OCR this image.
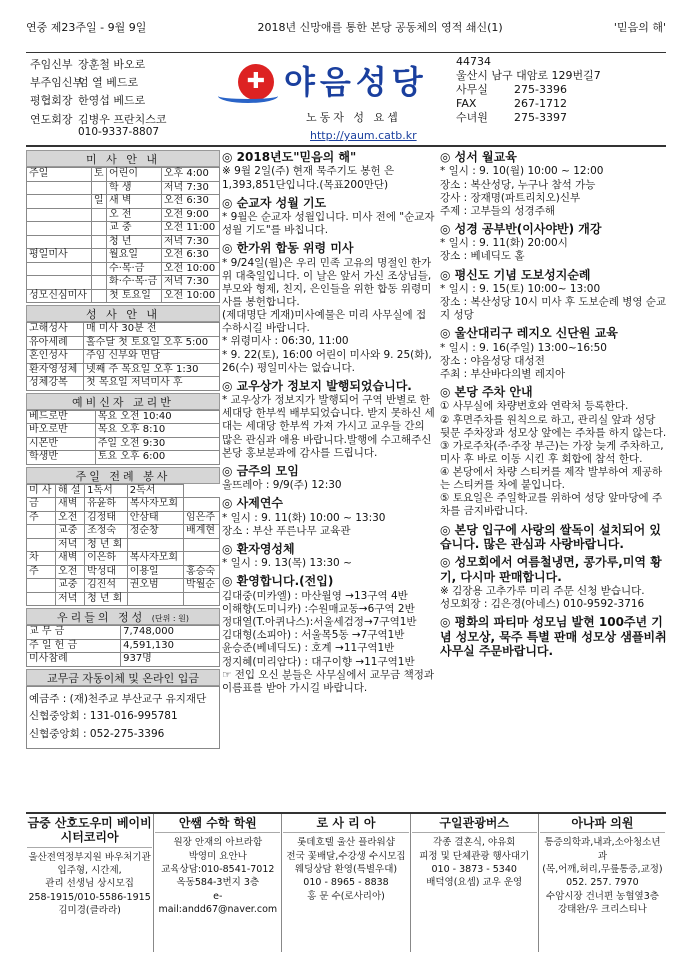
연중 제23주일 - 9월 9일	2018년 신망애를 통한 본당 공동체의 영적 쇄신(1)	'믿음의 해'
주임신부 장훈철 바오로
부주임신부
엄 열 베드로
평협회장 한영섭 베드로
연도회장 김병우 프란치스코
010-9337-8807
✚ 야음성당
노동자 성 요셉
http://yaum.catb.kr
44734
울산시 남구 대암로 129번길7
사무실	275-3396
FAX	267-1712
수녀원	275-3397
미 사 안 내
주일	토	어린이	오후 4:00
		학 생	저녁 7:30
	일	새 벽	오전 6:30
		오 전	오전 9:00
		교 중	오전 11:00
		청 년	저녁 7:30
평일미사		월요일	오전 6:30
		수·목·금	오전 10:00
		화·수·목·금	저녁 7:30
성모신심미사		첫 토요일	오전 10:00
성 사 안 내
고해성사	매 미사 30분 전
유아세례	홀수달 첫 토요일 오후 5:00
혼인성사	주임 신부와 면담
환자영성체	넷째 주 목요일 오후 1:30
성체강복	첫 목요일 저녁미사 후
예비신자 교리반
베드로반	목요 오전 10:40
바오로반	목요 오후 8:10
시몬반	주일 오전 9:30
학생반	토요 오후 6:00
주일 전례 봉사
미 사	해 설	1독서	2독서	
금	새벽	유윤하	복사자모회	
주	오전	김정태	안삼태	임은주
	교중	조정숙	정순창	배계현
	저녁	청 년 회		
차	새벽	이은하	복사자모회	
주	오전	박성대	이용일	홍승숙
	교중	김진석	권오범	박월순
	저녁	청 년 회		
우리들의 정성 (단위 : 원)
교 무 금	7,748,000
주 일 헌 금	4,591,130
미사참례	937명
교무금 자동이체 및 온라인 입금
예금주 : (재)천주교 부산교구 유지재단
신협중앙회 : 131-016-995781
신협중앙회 : 052-275-3396
◎ 2018년도"믿음의 해"

※ 9월 2일(주) 현재 묵주기도 봉헌 은1,393,851단입니다.(목표200만단)

◎ 순교자 성월 기도

* 9월은 순교자 성월입니다. 미사 전에 "순교자 성월 기도"를 바칩니다.

◎ 한가위 합동 위령 미사

* 9/24일(월)은 우리 민족 고유의 명절인 한가위 대축일입니다. 이 날은 앞서 가신 조상님들, 부모와 형제, 친지, 은인들을 위한 합동 위령미사를 봉헌합니다.

(제대명단 게재)미사예물은 미리 사무실에 접수하시길 바랍니다.

* 위령미사 : 06:30, 11:00

* 9. 22(토), 16:00 어린이 미사와 9. 25(화), 26(수) 평일미사는 없습니다.

◎ 교우상가 정보지 발행되었습니다.

* 교우상가 정보지가 발행되어 구역 반별로 한 세대당 한부씩 배부되었습니다. 받지 못하신 세대는 세대당 한부씩 가져 가시고 교우들 간의 많은 관심과 애용 바랍니다.발행에 수고해주신 본당 홍보분과에 감사를 드립니다.

◎ 금주의 모임

울뜨레아 : 9/9(주) 12:30

◎ 사제연수

* 일시 : 9. 11(화) 10:00 ~ 13:30

장소 : 부산 푸른나무 교육관

◎ 환자영성체

* 일시 : 9. 13(목) 13:30 ~

◎ 환영합니다.(전입)

김대중(미카엘) : 마산월영 →13구역 4반

이해향(도미니카) :수원매교동→6구역 2반

정대열(T.아퀴나스):서울세검정→7구역1반

김대형(소피아) : 서울목5동 →7구역1반

윤승준(베네딕도) : 호계 →11구역1반

정지혜(미리암다) : 대구이향 →11구역1반

☞ 전입 오신 분들은 사무실에서 교무금 책정과 이름표를 받아 가시길 바랍니다.

◎ 성서 월교육

* 일시 : 9. 10(월) 10:00 ~ 12:00

장소 : 복산성당, 누구나 참석 가능

강사 : 장재명(파트리치오)신부

주제 : 고부들의 성경주해

◎ 성경 공부반(이사야반) 개강

* 일시 : 9. 11(화) 20:00시

장소 : 베네딕도 홀

◎ 평신도 기념 도보성지순례

* 일시 : 9. 15(토) 10:00~ 13:00

장소 : 복산성당 10시 미사 후 도보순례 병영 순교지 성당

◎ 울산대리구 레지오 신단원 교육

* 일시 : 9. 16(주일) 13:00~16:50

장소 : 야음성당 대성전

주최 : 부산바다의별 레지아

◎ 본당 주차 안내

① 사무실에 차량번호와 연락처 등록한다.

② 후면주차를 원칙으로 하고, 관리실 앞과 성당 뒷문 주차장과 성모상 앞에는 주차를 하지 않는다.

③ 가로주차(주·주장 부근)는 가장 늦게 주차하고, 미사 후 바로 이동 시킨 후 회합에 참석 한다.

④ 본당에서 차량 스티커를 제작 발부하여 제공하는 스티커를 차에 붙입니다.

⑤ 토요일은 주일학교를 위하여 성당 앞마당에 주차를 금지바랍니다.

◎ 본당 입구에 사랑의 쌀독이 설치되어 있습니다. 많은 관심과 사랑바랍니다.
◎ 성모회에서 여름철냉면, 콩가루,미역 황기, 다시마 판매합니다.

※ 김장용 고추가루 미리 주문 신청 받습니다.

성모회장 : 김은경(아네스) 010-9592-3716

◎ 평화의 파티마 성모님 발현 100주년 기념 성모상, 묵주 특별 판매 성모상 샘플비취 사무실 주문바랍니다.
금중 산호도우미 베이비시터코리아
울산전역정부지원 바우처기관
입주형, 시간제,
관리 선생님 상시모집
258-1915/010-5586-1915
김미경(클라라)
안쌤 수학 학원
원장 안재의 아브라함
박영미 요안나
교육상담:010-8541-7012
옥동584-3번지 3층
e-mail:andd67@naver.com
로 사 리 아
롯데호텔 울산 플라워샵
전국 꽃배달,수강생 수시모집
웨딩상담 환영(특별우대)
010 - 8965 - 8838
홍 문 수(로사리아)
구일관광버스
각종 결혼식, 야유회
피정 및 단체관광 행사대기
010 - 3873 - 5340
배덕영(요셉) 교우 운영
아나파 의원
통증의학과,내과,소아청소년과
(목,어깨,허리,무릎통증,교정)
052. 257. 7970
수암시장 건너편 농협옆3층
강태완/우 크리스티나
